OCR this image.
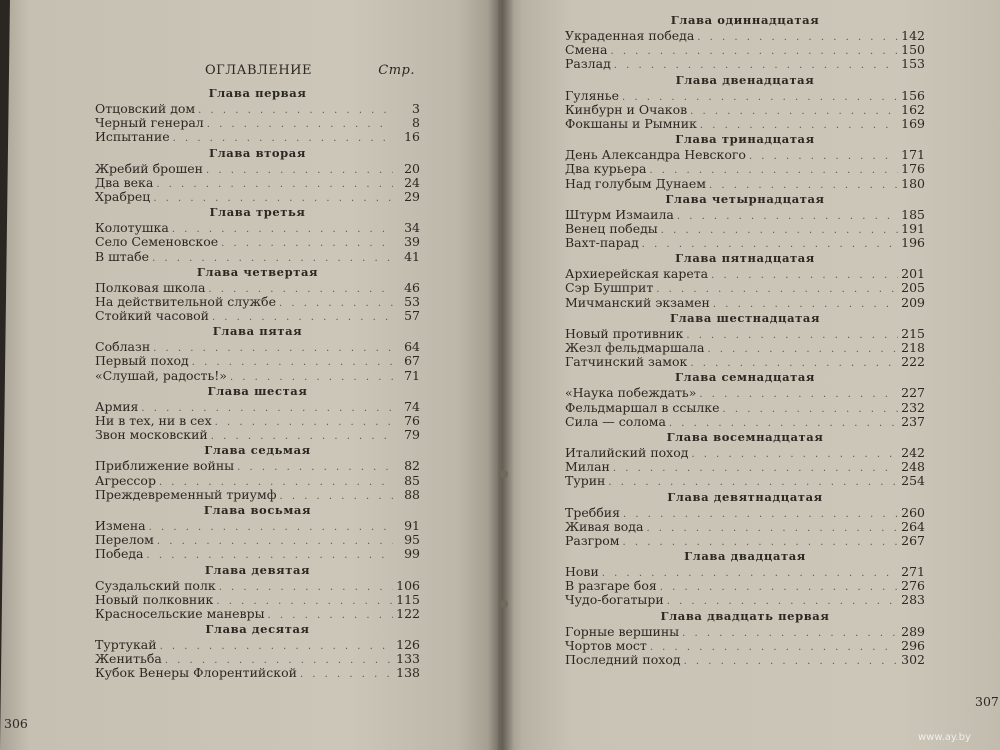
ОГЛАВЛЕНИЕ	Стр.
Глава первая
Отцовский дом . . .	3
Черный генерал . . .	8
Испытание . . .	16
Глава вторая
Жребий брошен . . .	20
Два века . . .	24
Храбрец . . .	29
Глава третья
Колотушка . . .	34
Село Семеновское . . .	39
В штабе . . .	41
Глава четвертая
Полковая школа . . .	46
На действительной службе . . .	53
Стойкий часовой . . .	57
Глава пятая
Соблазн . . .	64
Первый поход . . .	67
«Слушай, радость!» . . .	71
Глава шестая
Армия . . .	74
Ни в тех, ни в сех . . .	76
Звон московский . . .	79
Глава седьмая
Приближение войны . . .	82
Агрессор . . .	85
Преждевременный триумф . . .	88
Глава восьмая
Измена . . .	91
Перелом . . .	95
Победа . . .	99
Глава девятая
Суздальский полк . . .	106
Новый полковник . . .	115
Красносельские маневры . . .	122
Глава десятая
Туртукай . . .	126
Женитьба . . .	133
Кубок Венеры Флорентийской . . .	138
Глава одиннадцатая
Украденная победа . . .	142
Смена . . .	150
Разлад . . .	153
Глава двенадцатая
Гулянье . . .	156
Кинбурн и Очаков . . .	162
Фокшаны и Рымник . . .	169
Глава тринадцатая
День Александра Невского . . .	171
Два курьера . . .	176
Над голубым Дунаем . . .	180
Глава четырнадцатая
Штурм Измаила . . .	185
Венец победы . . .	191
Вахт-парад . . .	196
Глава пятнадцатая
Архиерейская карета . . .	201
Сэр Бушприт . . .	205
Мичманский экзамен . . .	209
Глава шестнадцатая
Новый противник . . .	215
Жезл фельдмаршала . . .	218
Гатчинский замок . . .	222
Глава семнадцатая
«Наука побеждать» . . .	227
Фельдмаршал в ссылке . . .	232
Сила — солома . . .	237
Глава восемнадцатая
Италийский поход . . .	242
Милан . . .	248
Турин . . .	254
Глава девятнадцатая
Треббия . . .	260
Живая вода . . .	264
Разгром . . .	267
Глава двадцатая
Нови . . .	271
В разгаре боя . . .	276
Чудо-богатыри . . .	283
Глава двадцать первая
Горные вершины . . .	289
Чортов мост . . .	296
Последний поход . . .	302
306
307
www.ay.by
